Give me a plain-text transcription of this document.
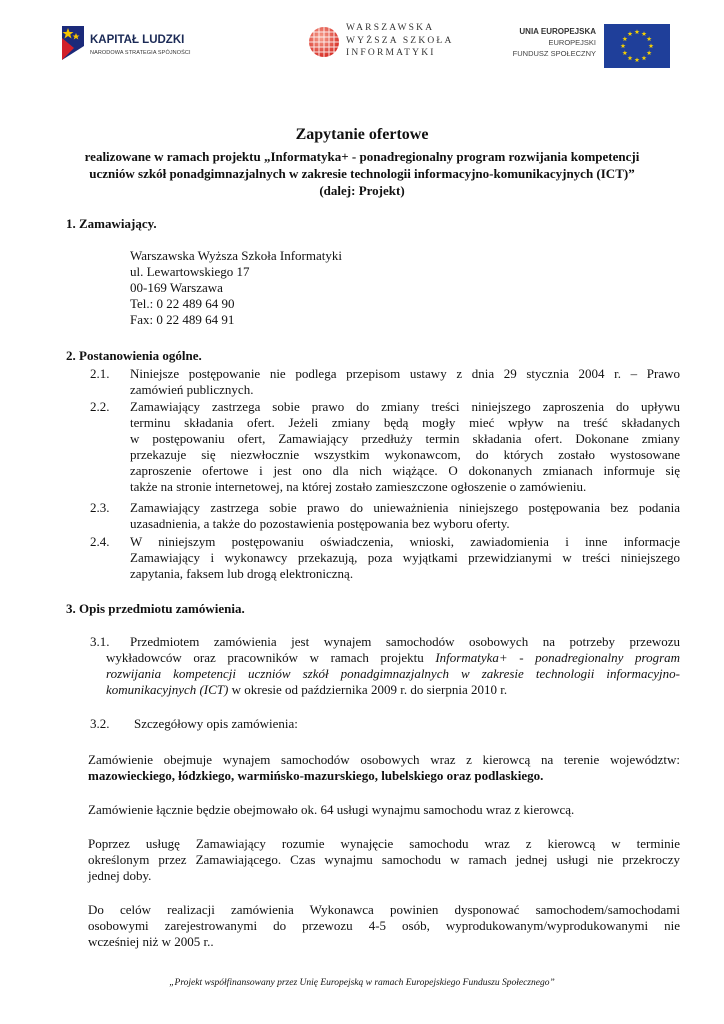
KAPITAŁ LUDZKI
NARODOWA STRATEGIA SPÓJNOŚCI
WARSZAWSKA
WYŻSZA SZKOŁA
INFORMATYKI
UNIA EUROPEJSKA
EUROPEJSKI
FUNDUSZ SPOŁECZNY
Zapytanie ofertowe
realizowane w ramach projektu „Informatyka+ - ponadregionalny program rozwijania kompetencji
uczniów szkół ponadgimnazjalnych w zakresie technologii informacyjno-komunikacyjnych (ICT)”
(dalej: Projekt)
1. Zamawiający.
Warszawska Wyższa Szkoła Informatyki
ul. Lewartowskiego 17
00-169 Warszawa
Tel.: 0 22 489 64 90
Fax: 0 22 489 64 91
2. Postanowienia ogólne.
2.1. Niniejsze postępowanie nie podlega przepisom ustawy z dnia 29 stycznia 2004 r. – Prawo
zamówień publicznych.
2.2. Zamawiający zastrzega sobie prawo do zmiany treści niniejszego zaproszenia do upływu
terminu składania ofert. Jeżeli zmiany będą mogły mieć wpływ na treść składanych
w postępowaniu ofert, Zamawiający przedłuży termin składania ofert. Dokonane zmiany
przekazuje się niezwłocznie wszystkim wykonawcom, do których zostało wystosowane
zaproszenie ofertowe i jest ono dla nich wiążące. O dokonanych zmianach informuje się
także na stronie internetowej, na której zostało zamieszczone ogłoszenie o zamówieniu.
2.3. Zamawiający zastrzega sobie prawo do unieważnienia niniejszego postępowania bez podania
uzasadnienia, a także do pozostawienia postępowania bez wyboru oferty.
2.4. W niniejszym postępowaniu oświadczenia, wnioski, zawiadomienia i inne informacje
Zamawiający i wykonawcy przekazują, poza wyjątkami przewidzianymi w treści niniejszego
zapytania, faksem lub drogą elektroniczną.
3. Opis przedmiotu zamówienia.
3.1. Przedmiotem zamówienia jest wynajem samochodów osobowych na potrzeby przewozu
wykładowców oraz pracowników w ramach projektu Informatyka+ - ponadregionalny program
rozwijania kompetencji uczniów szkół ponadgimnazjalnych w zakresie technologii informacyjno-
komunikacyjnych (ICT) w okresie od października 2009 r. do sierpnia 2010 r.
3.2. Szczegółowy opis zamówienia:
Zamówienie obejmuje wynajem samochodów osobowych wraz z kierowcą na terenie województw:
mazowieckiego, łódzkiego, warmińsko-mazurskiego, lubelskiego oraz podlaskiego.
Zamówienie łącznie będzie obejmowało ok. 64 usługi wynajmu samochodu wraz z kierowcą.
Poprzez usługę Zamawiający rozumie wynajęcie samochodu wraz z kierowcą w terminie
określonym przez Zamawiającego. Czas wynajmu samochodu w ramach jednej usługi nie przekroczy
jednej doby.
Do celów realizacji zamówienia Wykonawca powinien dysponować samochodem/samochodami
osobowymi zarejestrowanymi do przewozu 4-5 osób, wyprodukowanym/wyprodukowanymi nie
wcześniej niż w 2005 r..
„Projekt współfinansowany przez Unię Europejską w ramach Europejskiego Funduszu Społecznego”
